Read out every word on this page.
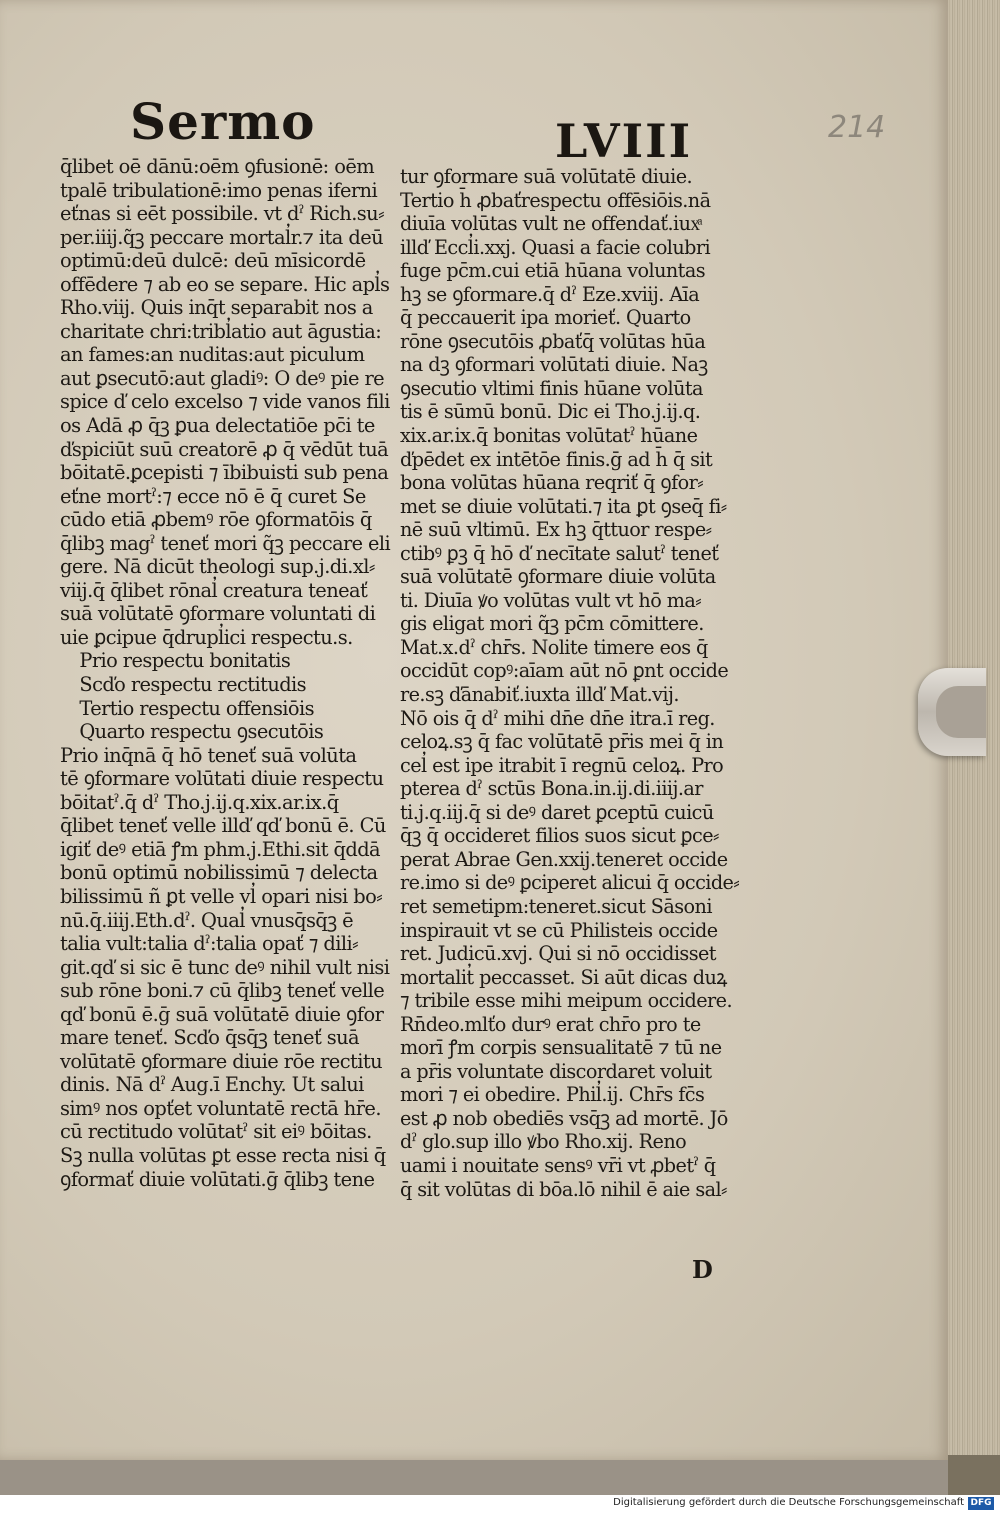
Sermo	LVIII	214
q̄libet oē dānū:oēm ꝯfusionē: oēm
tpalē tribulationē:imo penas iferni
eťnas si eēt possibile. vt dˀ Rich.su⸗
per.iiij.q̃ꝫ peccare mortal̓r.⁊ ita deū
optimū:deū dulcē: deū mīsicordē
offēdere ⁊ ab eo se separe. Hic apl̓s
Rho.viij. Quis inq̄t separabit nos a
charitate chri:tribl̓atio aut āgustia:
an fames:an nuditas:aut piculum
aut ꝑsecutō:aut gladiꝰ: O deꝰ pie re
spice ď celo excelso ⁊ vide vanos fili
os Adā ꝓ q̄ꝫ ꝑua delectatiōe pc̄i te
ďspiciūt suū creatorē ꝓ q̄ vēdūt tuā
bōitatē.ꝑcepisti ⁊ ībibuisti sub pena
eťne mortˀ:⁊ ecce nō ē q̄ curet Se
cūdo etiā ꝓbemꝰ rōe ꝯformatōis q̄
q̄libꝫ magˀ teneť mori q̃ꝫ peccare eli
gere. Nā dicūt theologi sup.j.di.xl⸗
viij.q̄ q̄libet rōnal̓ creatura teneať
suā volūtatē ꝯformare voluntati di
uie ꝑcipue q̄drupl̓ici respectu.s.
Prio respectu bonitatis
Scďo respectu rectitudis
Tertio respectu offensiōis
Quarto respectu ꝯsecutōis
Prio inq̄nā q̄ hō teneť suā volūta
tē ꝯformare volūtati diuie respectu
bōitatˀ.q̄ dˀ Tho.j.ij.q.xix.ar.ix.q̄
q̄libet teneť velle illď qď bonū ē. Cū
igiť deꝰ etiā ꝭm phm.j.Ethi.sit q̄ddā
bonū optimū nobilissimū ⁊ delecta
bilissimū ñ ꝑt velle vl̓ opari nisi bo⸗
nū.q̄.iiij.Eth.dˀ. Qual̓ vnusq̄sq̄ꝫ ē
talia vult:talia dˀ:talia opať ⁊ dili⸗
git.qď si sic ē tunc deꝰ nihil vult nisi
sub rōne boni.⁊ cū q̄libꝫ teneť velle
qď bonū ē.ḡ suā volūtatē diuie ꝯfor
mare teneť. Scďo q̄sq̄ꝫ teneť suā
volūtatē ꝯformare diuie rōe rectitu
dinis. Nā dˀ Aug.ī Enchy. Ut salui
simꝰ nos opťet voluntatē rectā hr̄e.
cū rectitudo volūtatˀ sit eiꝰ bōitas.
Sꝫ nulla volūtas ꝑt esse recta nisi q̄
ꝯformať diuie volūtati.ḡ q̄libꝫ tene
tur ꝯformare suā volūtatē diuie.
Tertio h̄ ꝓbaťrespectu offēsiōis.nā
diuīa volūtas vult ne offendať.iuxͣ
illď Eccl̓i.xxj. Quasi a facie colubri
fuge pc̄m.cui etiā hūana voluntas
hꝫ se ꝯformare.q̄ dˀ Eze.xviij. Aīa
q̄ peccauerit ipa morieť. Quarto
rōne ꝯsecutōis ꝓbaťq̄ volūtas hūa
na dꝫ ꝯformari volūtati diuie. Naꝫ
ꝯsecutio vltimi finis hūane volūta
tis ē sūmū bonū. Dic ei Tho.j.ij.q.
xix.ar.ix.q̄ bonitas volūtatˀ hūane
ďpēdet ex intētōe finis.ḡ ad h̄ q̄ sit
bona volūtas hūana reqriť q̄ ꝯfor⸗
met se diuie volūtati.⁊ ita ꝑt ꝯseq̄ fi⸗
nē suū vltimū. Ex hꝫ q̄ttuor respe⸗
ctibꝰ ꝑꝫ q̄ hō ď necītate salutˀ teneť
suā volūtatē ꝯformare diuie volūta
ti. Diuīa ꝟo volūtas vult vt hō ma⸗
gis eligat mori q̃ꝫ pc̄m cōmittere.
Mat.x.dˀ chr̄s. Nolite timere eos q̄
occidūt copꝰ:aīam aūt nō ꝑnt occide
re.sꝫ ďānabiť.iuxta illď Mat.vij.
Nō ois q̄ dˀ mihi dn̄e dn̄e itra.ī reg.
celoꝝ.sꝫ q̄ fac volūtatē pr̄is mei q̄ in
cel̓ est ipe itrabit ī regnū celoꝝ. Pro
pterea dˀ sctūs Bona.in.ij.di.iiij.ar
ti.j.q.iij.q̄ si deꝰ daret ꝑceptū cuicū
q̄ꝫ q̄ occideret filios suos sicut ꝑce⸗
perat Abrae Gen.xxij.teneret occide
re.imo si deꝰ ꝑciperet alicui q̄ occide⸗
ret semetipm:teneret.sicut Sāsoni
inspirauit vt se cū Philisteis occide
ret. Judicū.xvj. Qui si nō occidisset
mortalit̓ peccasset. Si aūt dicas duꝝ
⁊ tribile esse mihi meipum occidere.
Rn̄deo.mlťo durꝰ erat chr̄o pro te
morī ꝭm corpis sensualitatē ⁊ tū ne
a pr̄is voluntate discordaret voluit
mori ⁊ ei obedire. Phil̓.ij. Chr̄s fc̄s
est ꝓ nob obediēs vsq̄ꝫ ad mortē. Jō
dˀ glo.sup illo ꝟbo Rho.xij. Reno
uami i nouitate sensꝰ vr̄i vt ꝓbetˀ q̄
q̄ sit volūtas di bōa.lō nihil ē aie sal⸗
D
Digitalisierung gefördert durch die Deutsche Forschungsgemeinschaft DFG
